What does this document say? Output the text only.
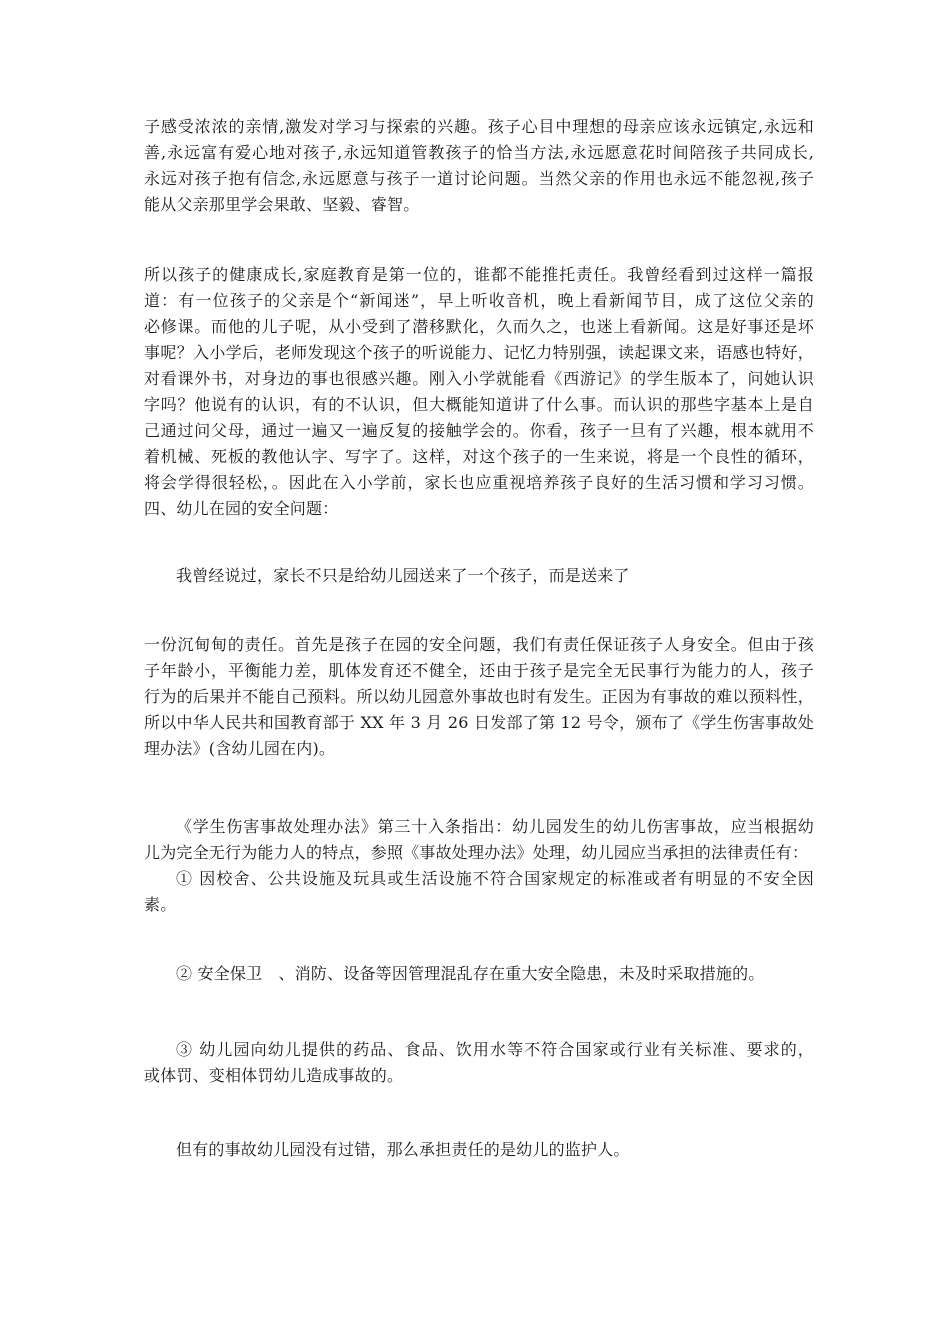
子感受浓浓的亲情,激发对学习与探索的兴趣。孩子心目中理想的母亲应该永远镇定,永远和
善,永远富有爱心地对孩子,永远知道管教孩子的恰当方法,永远愿意花时间陪孩子共同成长,
永远对孩子抱有信念,永远愿意与孩子一道讨论问题。当然父亲的作用也永远不能忽视,孩子
能从父亲那里学会果敢、坚毅、睿智。
所以孩子的健康成长,家庭教育是第一位的，谁都不能推托责任。我曾经看到过这样一篇报
道：有一位孩子的父亲是个“新闻迷”，早上听收音机，晚上看新闻节目，成了这位父亲的
必修课。而他的儿子呢，从小受到了潜移默化，久而久之，也迷上看新闻。这是好事还是坏
事呢？入小学后，老师发现这个孩子的听说能力、记忆力特别强，读起课文来，语感也特好，
对看课外书，对身边的事也很感兴趣。刚入小学就能看《西游记》的学生版本了，问她认识
字吗？他说有的认识，有的不认识，但大概能知道讲了什么事。而认识的那些字基本上是自
己通过问父母，通过一遍又一遍反复的接触学会的。你看，孩子一旦有了兴趣，根本就用不
着机械、死板的教他认字、写字了。这样，对这个孩子的一生来说，将是一个良性的循环，
将会学得很轻松，。因此在入小学前，家长也应重视培养孩子良好的生活习惯和学习习惯。
四、幼儿在园的安全问题：
我曾经说过，家长不只是给幼儿园送来了一个孩子，而是送来了
一份沉甸甸的责任。首先是孩子在园的安全问题，我们有责任保证孩子人身安全。但由于孩
子年龄小，平衡能力差，肌体发育还不健全，还由于孩子是完全无民事行为能力的人，孩子
行为的后果并不能自己预料。所以幼儿园意外事故也时有发生。正因为有事故的难以预料性，
所以中华人民共和国教育部于 XX 年 3 月 26 日发部了第 12 号令，颁布了《学生伤害事故处
理办法》(含幼儿园在内)。
《学生伤害事故处理办法》第三十入条指出：幼儿园发生的幼儿伤害事故，应当根据幼
儿为完全无行为能力人的特点，参照《事故处理办法》处理，幼儿园应当承担的法律责任有：
① 因校舍、公共设施及玩具或生活设施不符合国家规定的标准或者有明显的不安全因
素。
② 安全保卫　、消防、设备等因管理混乱存在重大安全隐患，未及时采取措施的。
③ 幼儿园向幼儿提供的药品、食品、饮用水等不符合国家或行业有关标准、要求的，
或体罚、变相体罚幼儿造成事故的。
但有的事故幼儿园没有过错，那么承担责任的是幼儿的监护人。
